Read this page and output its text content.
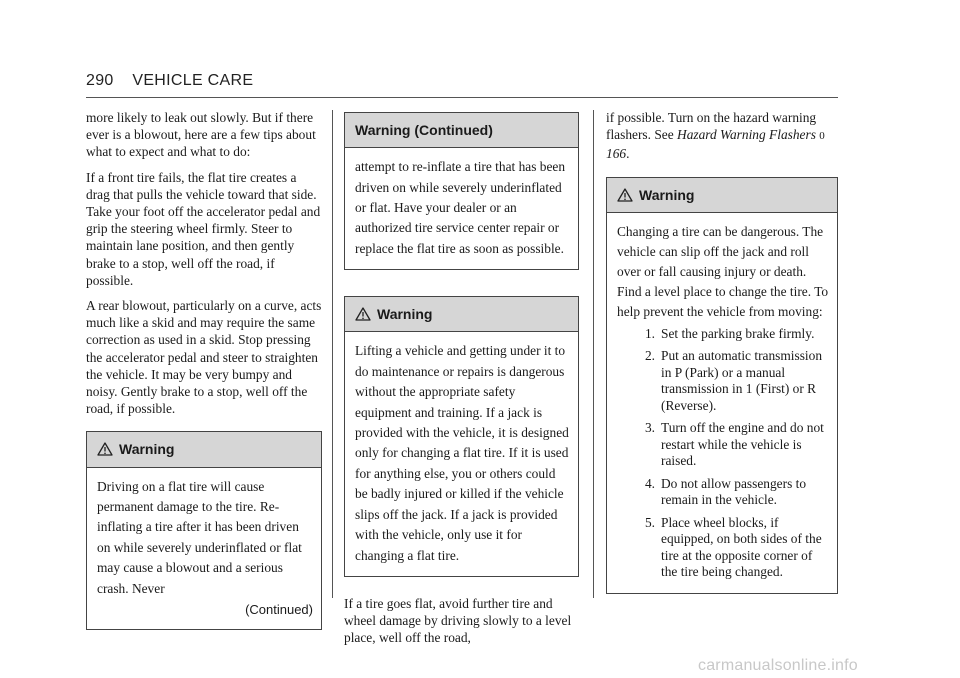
290 VEHICLE CARE

more likely to leak out slowly. But if there ever is a blowout, here are a few tips about what to expect and what to do:

If a front tire fails, the flat tire creates a drag that pulls the vehicle toward that side. Take your foot off the accelerator pedal and grip the steering wheel firmly. Steer to maintain lane position, and then gently brake to a stop, well off the road, if possible.

A rear blowout, particularly on a curve, acts much like a skid and may require the same correction as used in a skid. Stop pressing the accelerator pedal and steer to straighten the vehicle. It may be very bumpy and noisy. Gently brake to a stop, well off the road, if possible.

Warning

Driving on a flat tire will cause permanent damage to the tire. Re-inflating a tire after it has been driven on while severely underinflated or flat may cause a blowout and a serious crash. Never

(Continued)
Warning (Continued)

attempt to re-inflate a tire that has been driven on while severely underinflated or flat. Have your dealer or an authorized tire service center repair or replace the flat tire as soon as possible.

Warning

Lifting a vehicle and getting under it to do maintenance or repairs is dangerous without the appropriate safety equipment and training. If a jack is provided with the vehicle, it is designed only for changing a flat tire. If it is used for anything else, you or others could be badly injured or killed if the vehicle slips off the jack. If a jack is provided with the vehicle, only use it for changing a flat tire.

If a tire goes flat, avoid further tire and wheel damage by driving slowly to a level place, well off the road,

if possible. Turn on the hazard warning flashers. See Hazard Warning Flashers 0 166.

Warning

Changing a tire can be dangerous. The vehicle can slip off the jack and roll over or fall causing injury or death. Find a level place to change the tire. To help prevent the vehicle from moving:

1. Set the parking brake firmly.
2. Put an automatic transmission in P (Park) or a manual transmission in 1 (First) or R (Reverse).
3. Turn off the engine and do not restart while the vehicle is raised.
4. Do not allow passengers to remain in the vehicle.
5. Place wheel blocks, if equipped, on both sides of the tire at the opposite corner of the tire being changed.
carmanualsonline.info
